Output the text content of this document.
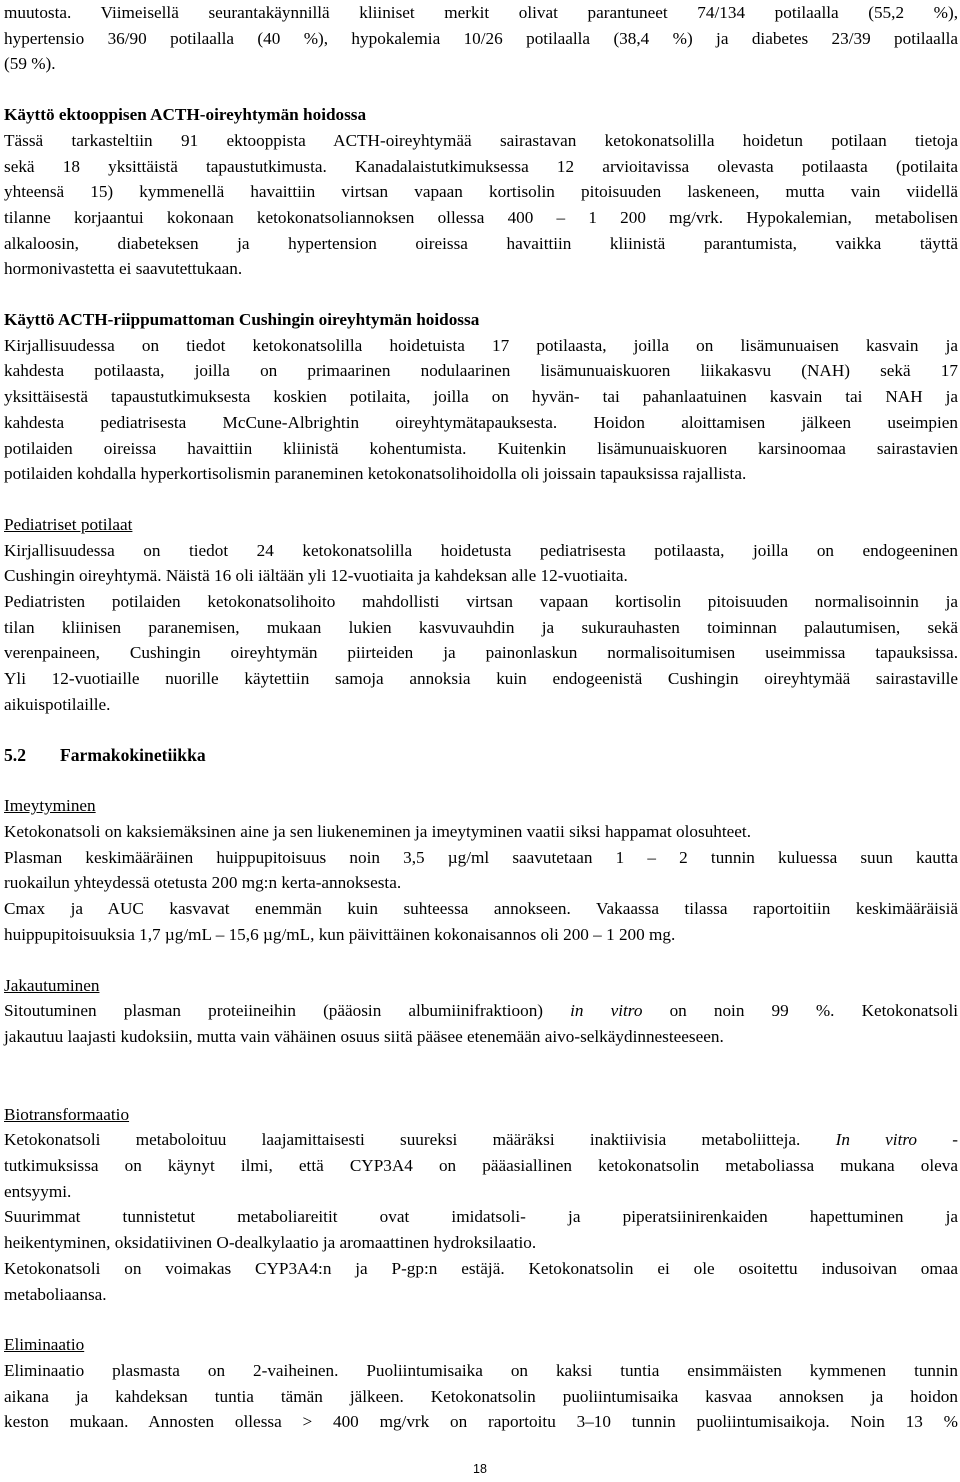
muutosta. Viimeisellä seurantakäynnillä kliiniset merkit olivat parantuneet 74/134 potilaalla (55,2 %),
hypertensio 36/90 potilaalla (40 %), hypokalemia 10/26 potilaalla (38,4 %) ja diabetes 23/39 potilaalla
(59 %).
Käyttö ektooppisen ACTH-oireyhtymän hoidossa
Tässä tarkasteltiin 91 ektooppista ACTH-oireyhtymää sairastavan ketokonatsolilla hoidetun potilaan tietoja
sekä 18 yksittäistä tapaustutkimusta. Kanadalaistutkimuksessa 12 arvioitavissa olevasta potilaasta (potilaita
yhteensä 15) kymmenellä havaittiin virtsan vapaan kortisolin pitoisuuden laskeneen, mutta vain viidellä
tilanne korjaantui kokonaan ketokonatsoliannoksen ollessa 400 – 1 200 mg/vrk. Hypokalemian, metabolisen
alkaloosin, diabeteksen ja hypertension oireissa havaittiin kliinistä parantumista, vaikka täyttä
hormonivastetta ei saavutettukaan.
Käyttö ACTH-riippumattoman Cushingin oireyhtymän hoidossa
Kirjallisuudessa on tiedot ketokonatsolilla hoidetuista 17 potilaasta, joilla on lisämunuaisen kasvain ja
kahdesta potilaasta, joilla on primaarinen nodulaarinen lisämunuaiskuoren liikakasvu (NAH) sekä 17
yksittäisestä tapaustutkimuksesta koskien potilaita, joilla on hyvän- tai pahanlaatuinen kasvain tai NAH ja
kahdesta pediatrisesta McCune-Albrightin oireyhtymätapauksesta. Hoidon aloittamisen jälkeen useimpien
potilaiden oireissa havaittiin kliinistä kohentumista. Kuitenkin lisämunuaiskuoren karsinoomaa sairastavien
potilaiden kohdalla hyperkortisolismin paraneminen ketokonatsolihoidolla oli joissain tapauksissa rajallista.
Pediatriset potilaat
Kirjallisuudessa on tiedot 24 ketokonatsolilla hoidetusta pediatrisesta potilaasta, joilla on endogeeninen
Cushingin oireyhtymä. Näistä 16 oli iältään yli 12-vuotiaita ja kahdeksan alle 12-vuotiaita.
Pediatristen potilaiden ketokonatsolihoito mahdollisti virtsan vapaan kortisolin pitoisuuden normalisoinnin ja
tilan kliinisen paranemisen, mukaan lukien kasvuvauhdin ja sukurauhasten toiminnan palautumisen, sekä
verenpaineen, Cushingin oireyhtymän piirteiden ja painonlaskun normalisoitumisen useimmissa tapauksissa.
Yli 12-vuotiaille nuorille käytettiin samoja annoksia kuin endogeenistä Cushingin oireyhtymää sairastaville
aikuispotilaille.
5.2 Farmakokinetiikka
Imeytyminen
Ketokonatsoli on kaksiemäksinen aine ja sen liukeneminen ja imeytyminen vaatii siksi happamat olosuhteet.
Plasman keskimääräinen huippupitoisuus noin 3,5 µg/ml saavutetaan 1 – 2 tunnin kuluessa suun kautta
ruokailun yhteydessä otetusta 200 mg:n kerta-annoksesta.
Cmax ja AUC kasvavat enemmän kuin suhteessa annokseen. Vakaassa tilassa raportoitiin keskimääräisiä
huippupitoisuuksia 1,7 µg/mL – 15,6 µg/mL, kun päivittäinen kokonaisannos oli 200 – 1 200 mg.
Jakautuminen
Sitoutuminen plasman proteiineihin (pääosin albumiinifraktioon) in vitro on noin 99 %. Ketokonatsoli
jakautuu laajasti kudoksiin, mutta vain vähäinen osuus siitä pääsee etenemään aivo-selkäydinnesteeseen.
Biotransformaatio
Ketokonatsoli metaboloituu laajamittaisesti suureksi määräksi inaktiivisia metaboliitteja. In vitro -
tutkimuksissa on käynyt ilmi, että CYP3A4 on pääasiallinen ketokonatsolin metaboliassa mukana oleva
entsyymi.
Suurimmat tunnistetut metaboliareitit ovat imidatsoli- ja piperatsiinirenkaiden hapettuminen ja
heikentyminen, oksidatiivinen O-dealkylaatio ja aromaattinen hydroksilaatio.
Ketokonatsoli on voimakas CYP3A4:n ja P-gp:n estäjä. Ketokonatsolin ei ole osoitettu indusoivan omaa
metaboliaansa.
Eliminaatio
Eliminaatio plasmasta on 2-vaiheinen. Puoliintumisaika on kaksi tuntia ensimmäisten kymmenen tunnin
aikana ja kahdeksan tuntia tämän jälkeen. Ketokonatsolin puoliintumisaika kasvaa annoksen ja hoidon
keston mukaan. Annosten ollessa > 400 mg/vrk on raportoitu 3–10 tunnin puoliintumisaikoja. Noin 13 %
18
